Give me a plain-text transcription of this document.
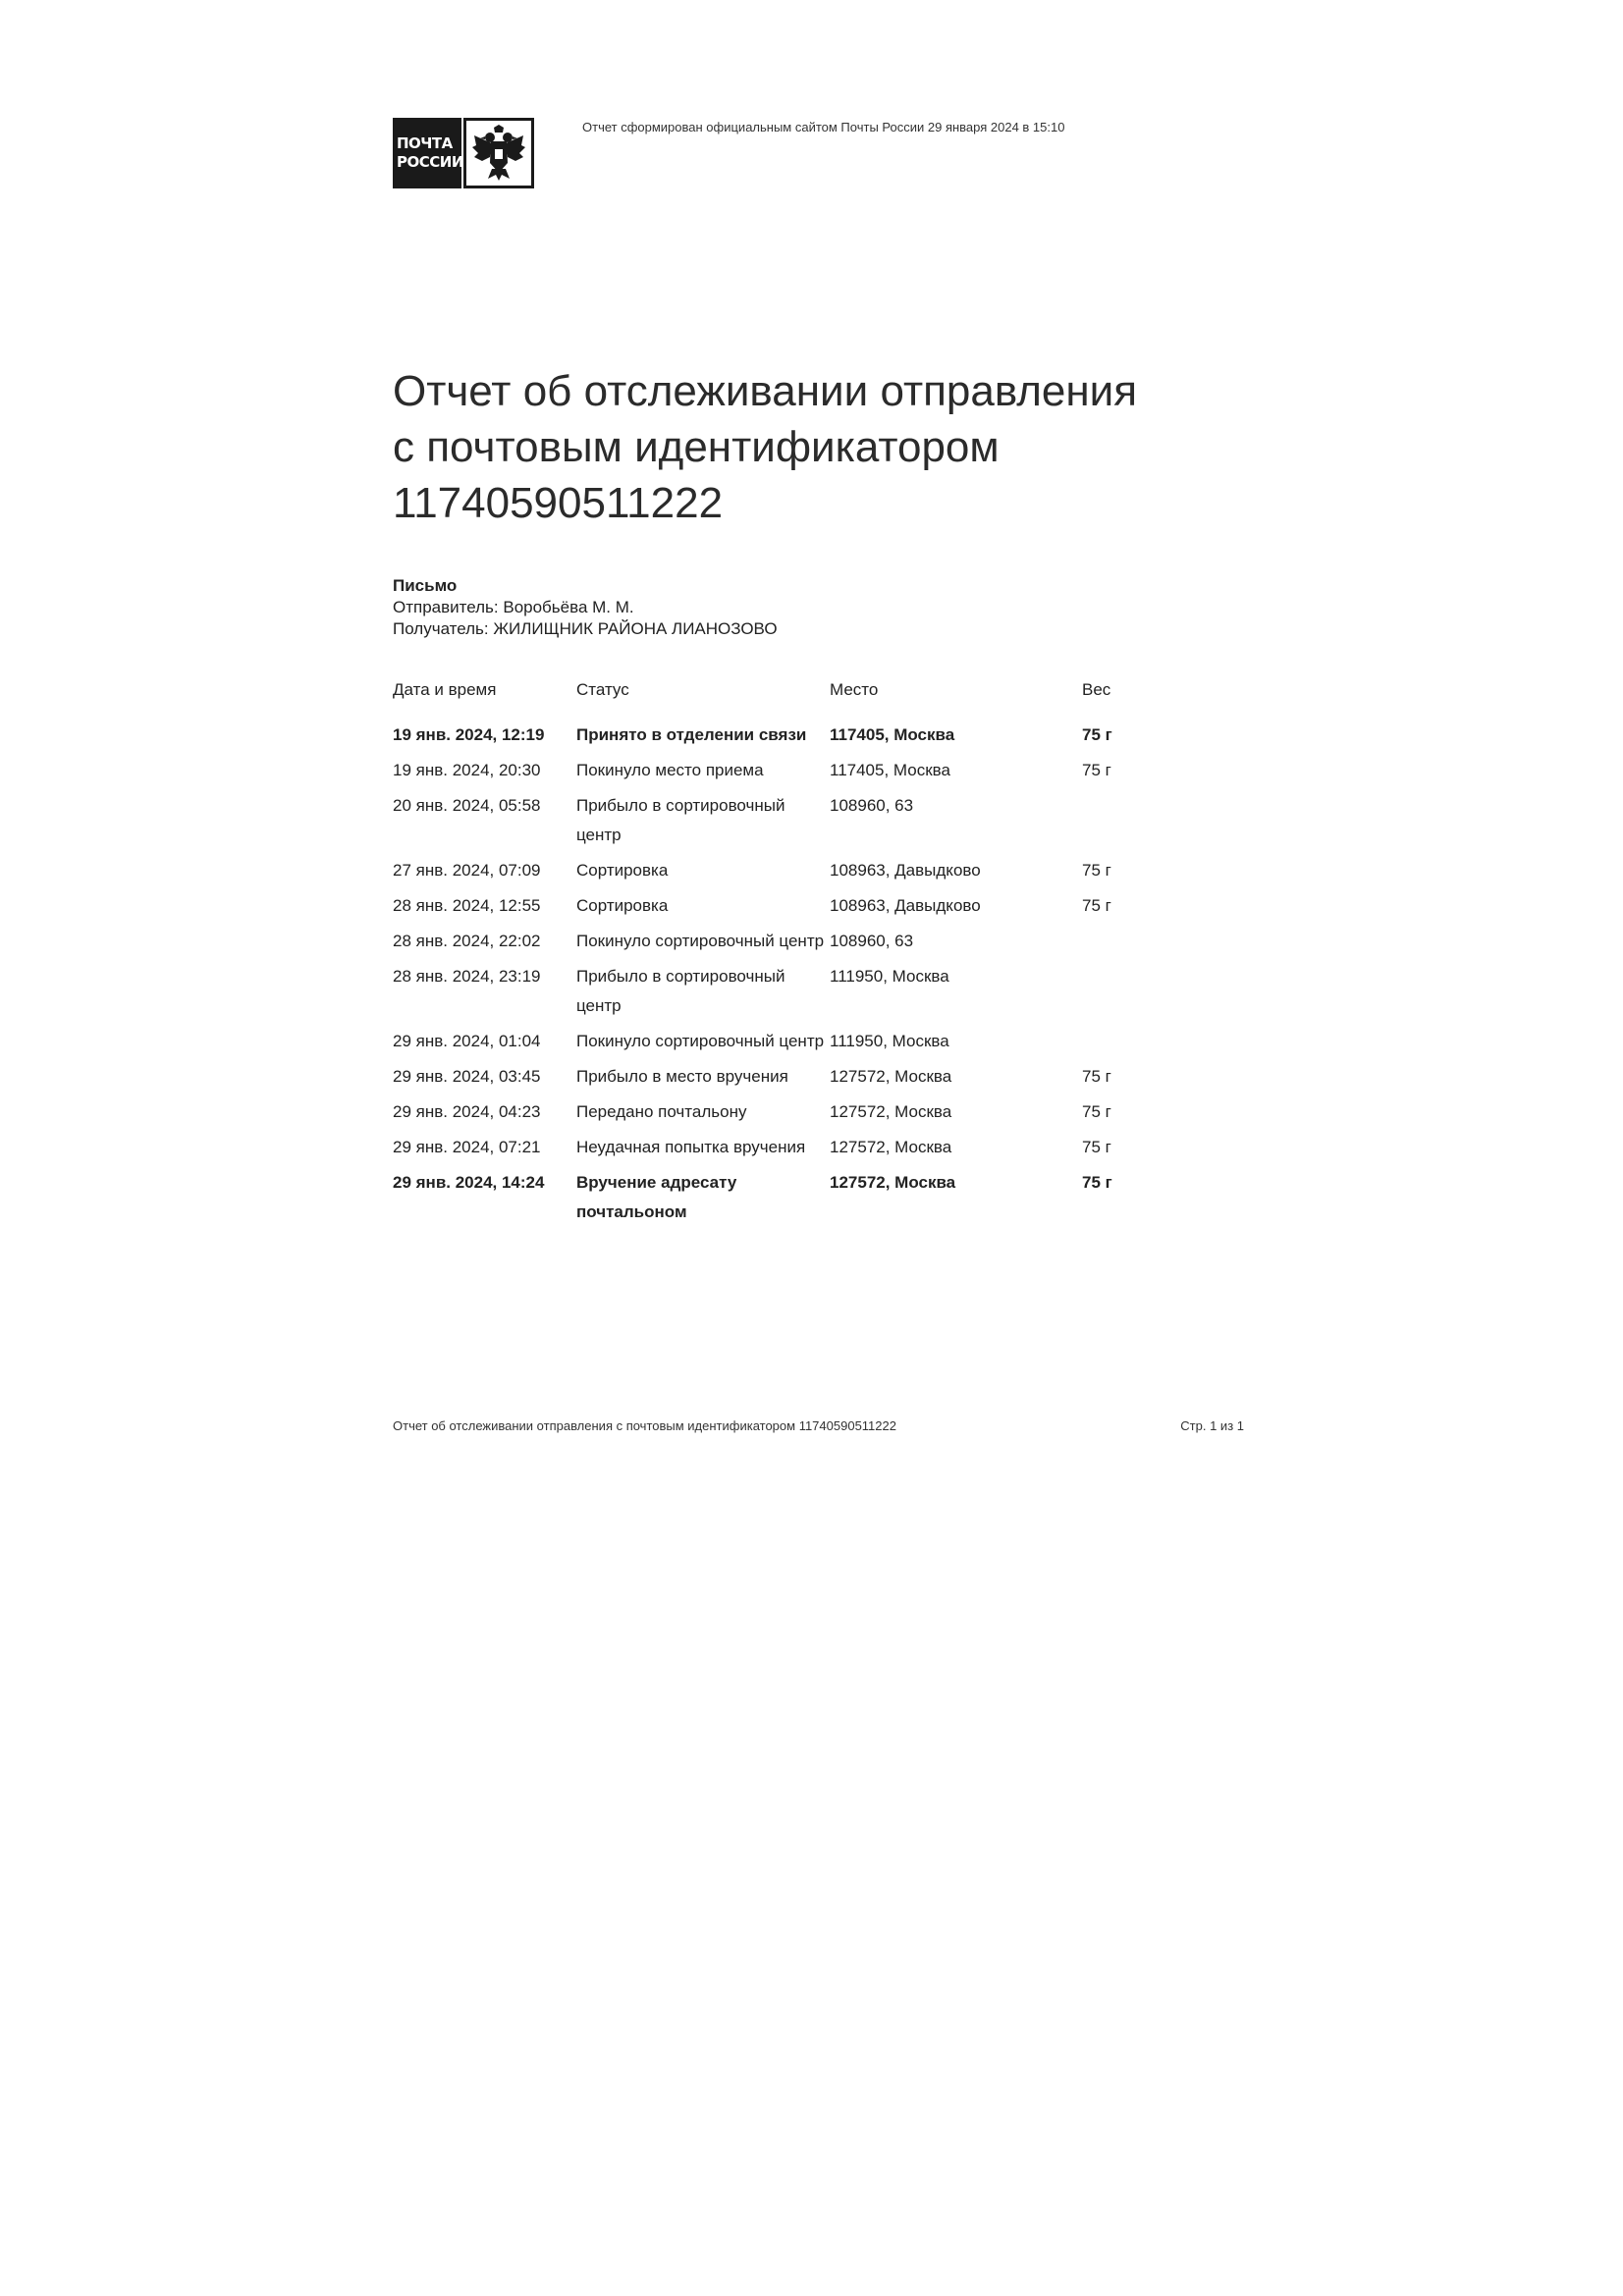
ПОЧТА
РОССИИ
Отчет сформирован официальным сайтом Почты России 29 января 2024 в 15:10
Отчет об отслеживании отправления
с почтовым идентификатором
11740590511222
Письмо
Отправитель: Воробьёва М. М.
Получатель: ЖИЛИЩНИК РАЙОНА ЛИАНОЗОВО
Дата и время	Статус	Место	Вес
19 янв. 2024, 12:19	Принято в отделении связи	117405, Москва	75 г
19 янв. 2024, 20:30	Покинуло место приема	117405, Москва	75 г
20 янв. 2024, 05:58	Прибыло в сортировочный центр	108960, 63	
27 янв. 2024, 07:09	Сортировка	108963, Давыдково	75 г
28 янв. 2024, 12:55	Сортировка	108963, Давыдково	75 г
28 янв. 2024, 22:02	Покинуло сортировочный центр	108960, 63	
28 янв. 2024, 23:19	Прибыло в сортировочный центр	111950, Москва	
29 янв. 2024, 01:04	Покинуло сортировочный центр	111950, Москва	
29 янв. 2024, 03:45	Прибыло в место вручения	127572, Москва	75 г
29 янв. 2024, 04:23	Передано почтальону	127572, Москва	75 г
29 янв. 2024, 07:21	Неудачная попытка вручения	127572, Москва	75 г
29 янв. 2024, 14:24	Вручение адресату почтальоном	127572, Москва	75 г
Отчет об отслеживании отправления с почтовым идентификатором 11740590511222	Стр. 1 из 1
